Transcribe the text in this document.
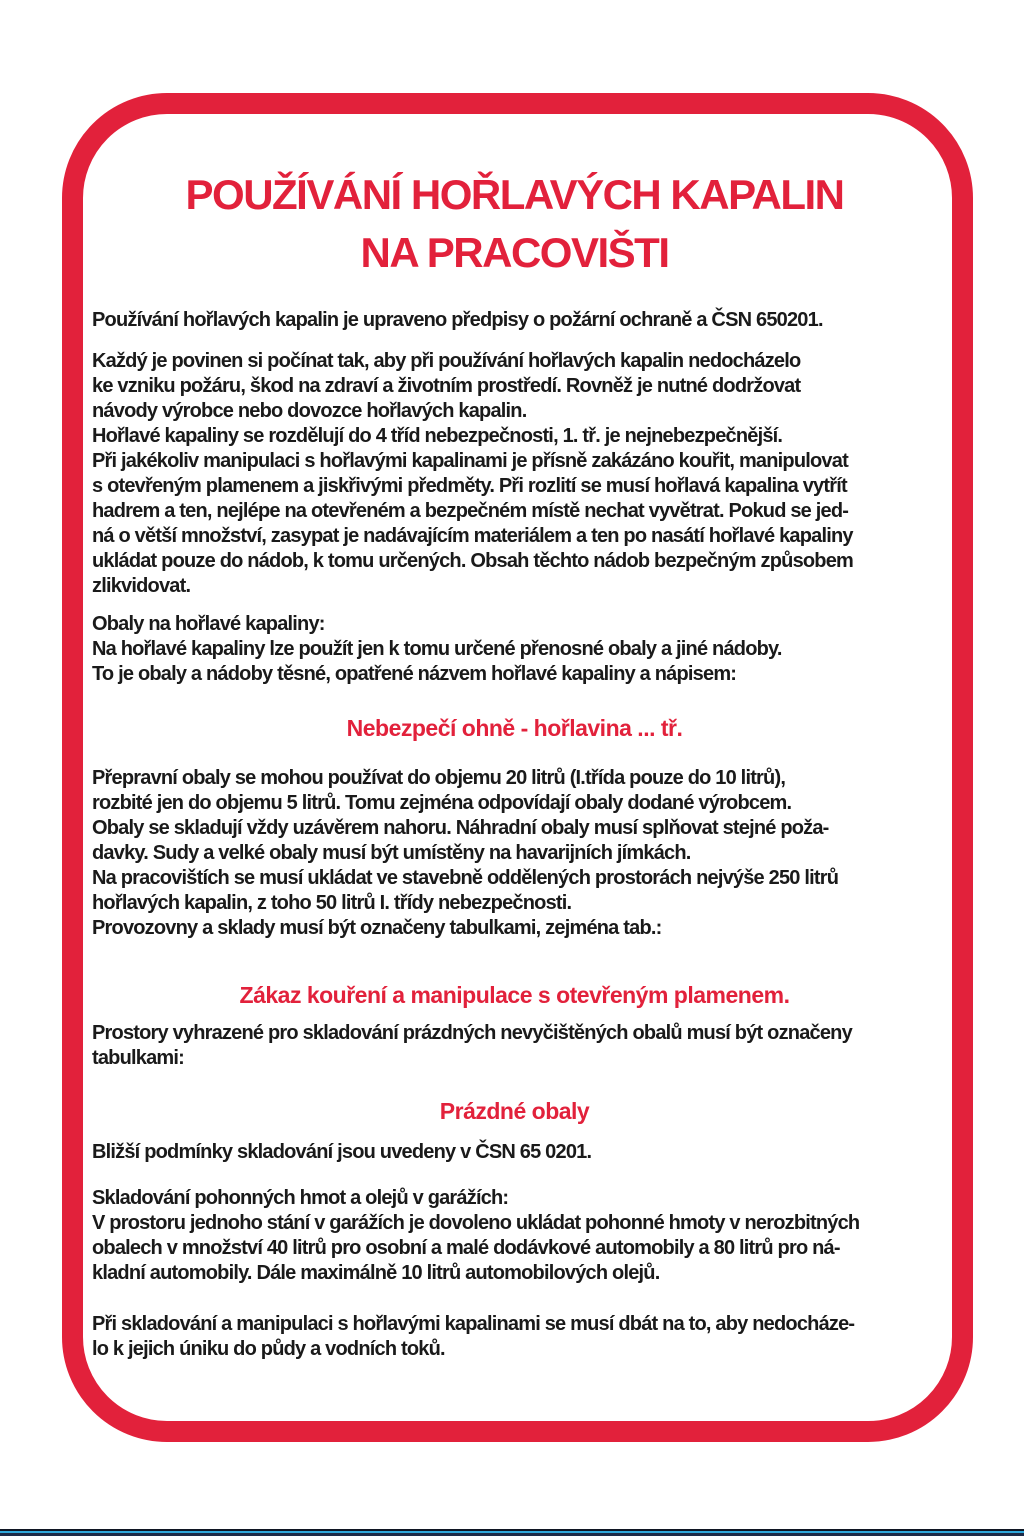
POUŽÍVÁNÍ HOŘLAVÝCH KAPALIN
NA PRACOVIŠTI
Používání hořlavých kapalin je upraveno předpisy o požární ochraně a ČSN 650201.
Každý je povinen si počínat tak, aby při používání hořlavých kapalin nedocházelo
ke vzniku požáru, škod na zdraví a životním prostředí. Rovněž je nutné dodržovat
návody výrobce nebo dovozce hořlavých kapalin.
Hořlavé kapaliny se rozdělují do 4 tříd nebezpečnosti, 1. tř. je nejnebezpečnější.
Při jakékoliv manipulaci s hořlavými kapalinami je přísně zakázáno kouřit, manipulovat
s otevřeným plamenem a jiskřivými předměty. Při rozlití se musí hořlavá kapalina vytřít
hadrem a ten, nejlépe na otevřeném a bezpečném místě nechat vyvětrat. Pokud se jed-
ná o větší množství, zasypat je nadávajícím materiálem a ten po nasátí hořlavé kapaliny
ukládat pouze do nádob, k tomu určených. Obsah těchto nádob bezpečným způsobem
zlikvidovat.
Obaly na hořlavé kapaliny:
Na hořlavé kapaliny lze použít jen k tomu určené přenosné obaly a jiné nádoby.
To je obaly a nádoby těsné, opatřené názvem hořlavé kapaliny a nápisem:
Nebezpečí ohně - hořlavina ... tř.
Přepravní obaly se mohou používat do objemu 20 litrů (I.třída pouze do 10 litrů),
rozbité jen do objemu 5 litrů. Tomu zejména odpovídají obaly dodané výrobcem.
Obaly se skladují vždy uzávěrem nahoru. Náhradní obaly musí splňovat stejné poža-
davky. Sudy a velké obaly musí být umístěny na havarijních jímkách.
Na pracovištích se musí ukládat ve stavebně oddělených prostorách nejvýše 250 litrů
hořlavých kapalin, z toho 50 litrů I. třídy nebezpečnosti.
Provozovny a sklady musí být označeny tabulkami, zejména tab.:
Zákaz kouření a manipulace s otevřeným plamenem.
Prostory vyhrazené pro skladování prázdných nevyčištěných obalů musí být označeny
tabulkami:
Prázdné obaly
Bližší podmínky skladování jsou uvedeny v ČSN 65 0201.
Skladování pohonných hmot a olejů v garážích:
V prostoru jednoho stání v garážích je dovoleno ukládat pohonné hmoty v nerozbitných
obalech v množství 40 litrů pro osobní a malé dodávkové automobily a 80 litrů pro ná-
kladní automobily. Dále maximálně 10 litrů automobilových olejů.
Při skladování a manipulaci s hořlavými kapalinami se musí dbát na to, aby nedocháze-
lo k jejich úniku do půdy a vodních toků.
